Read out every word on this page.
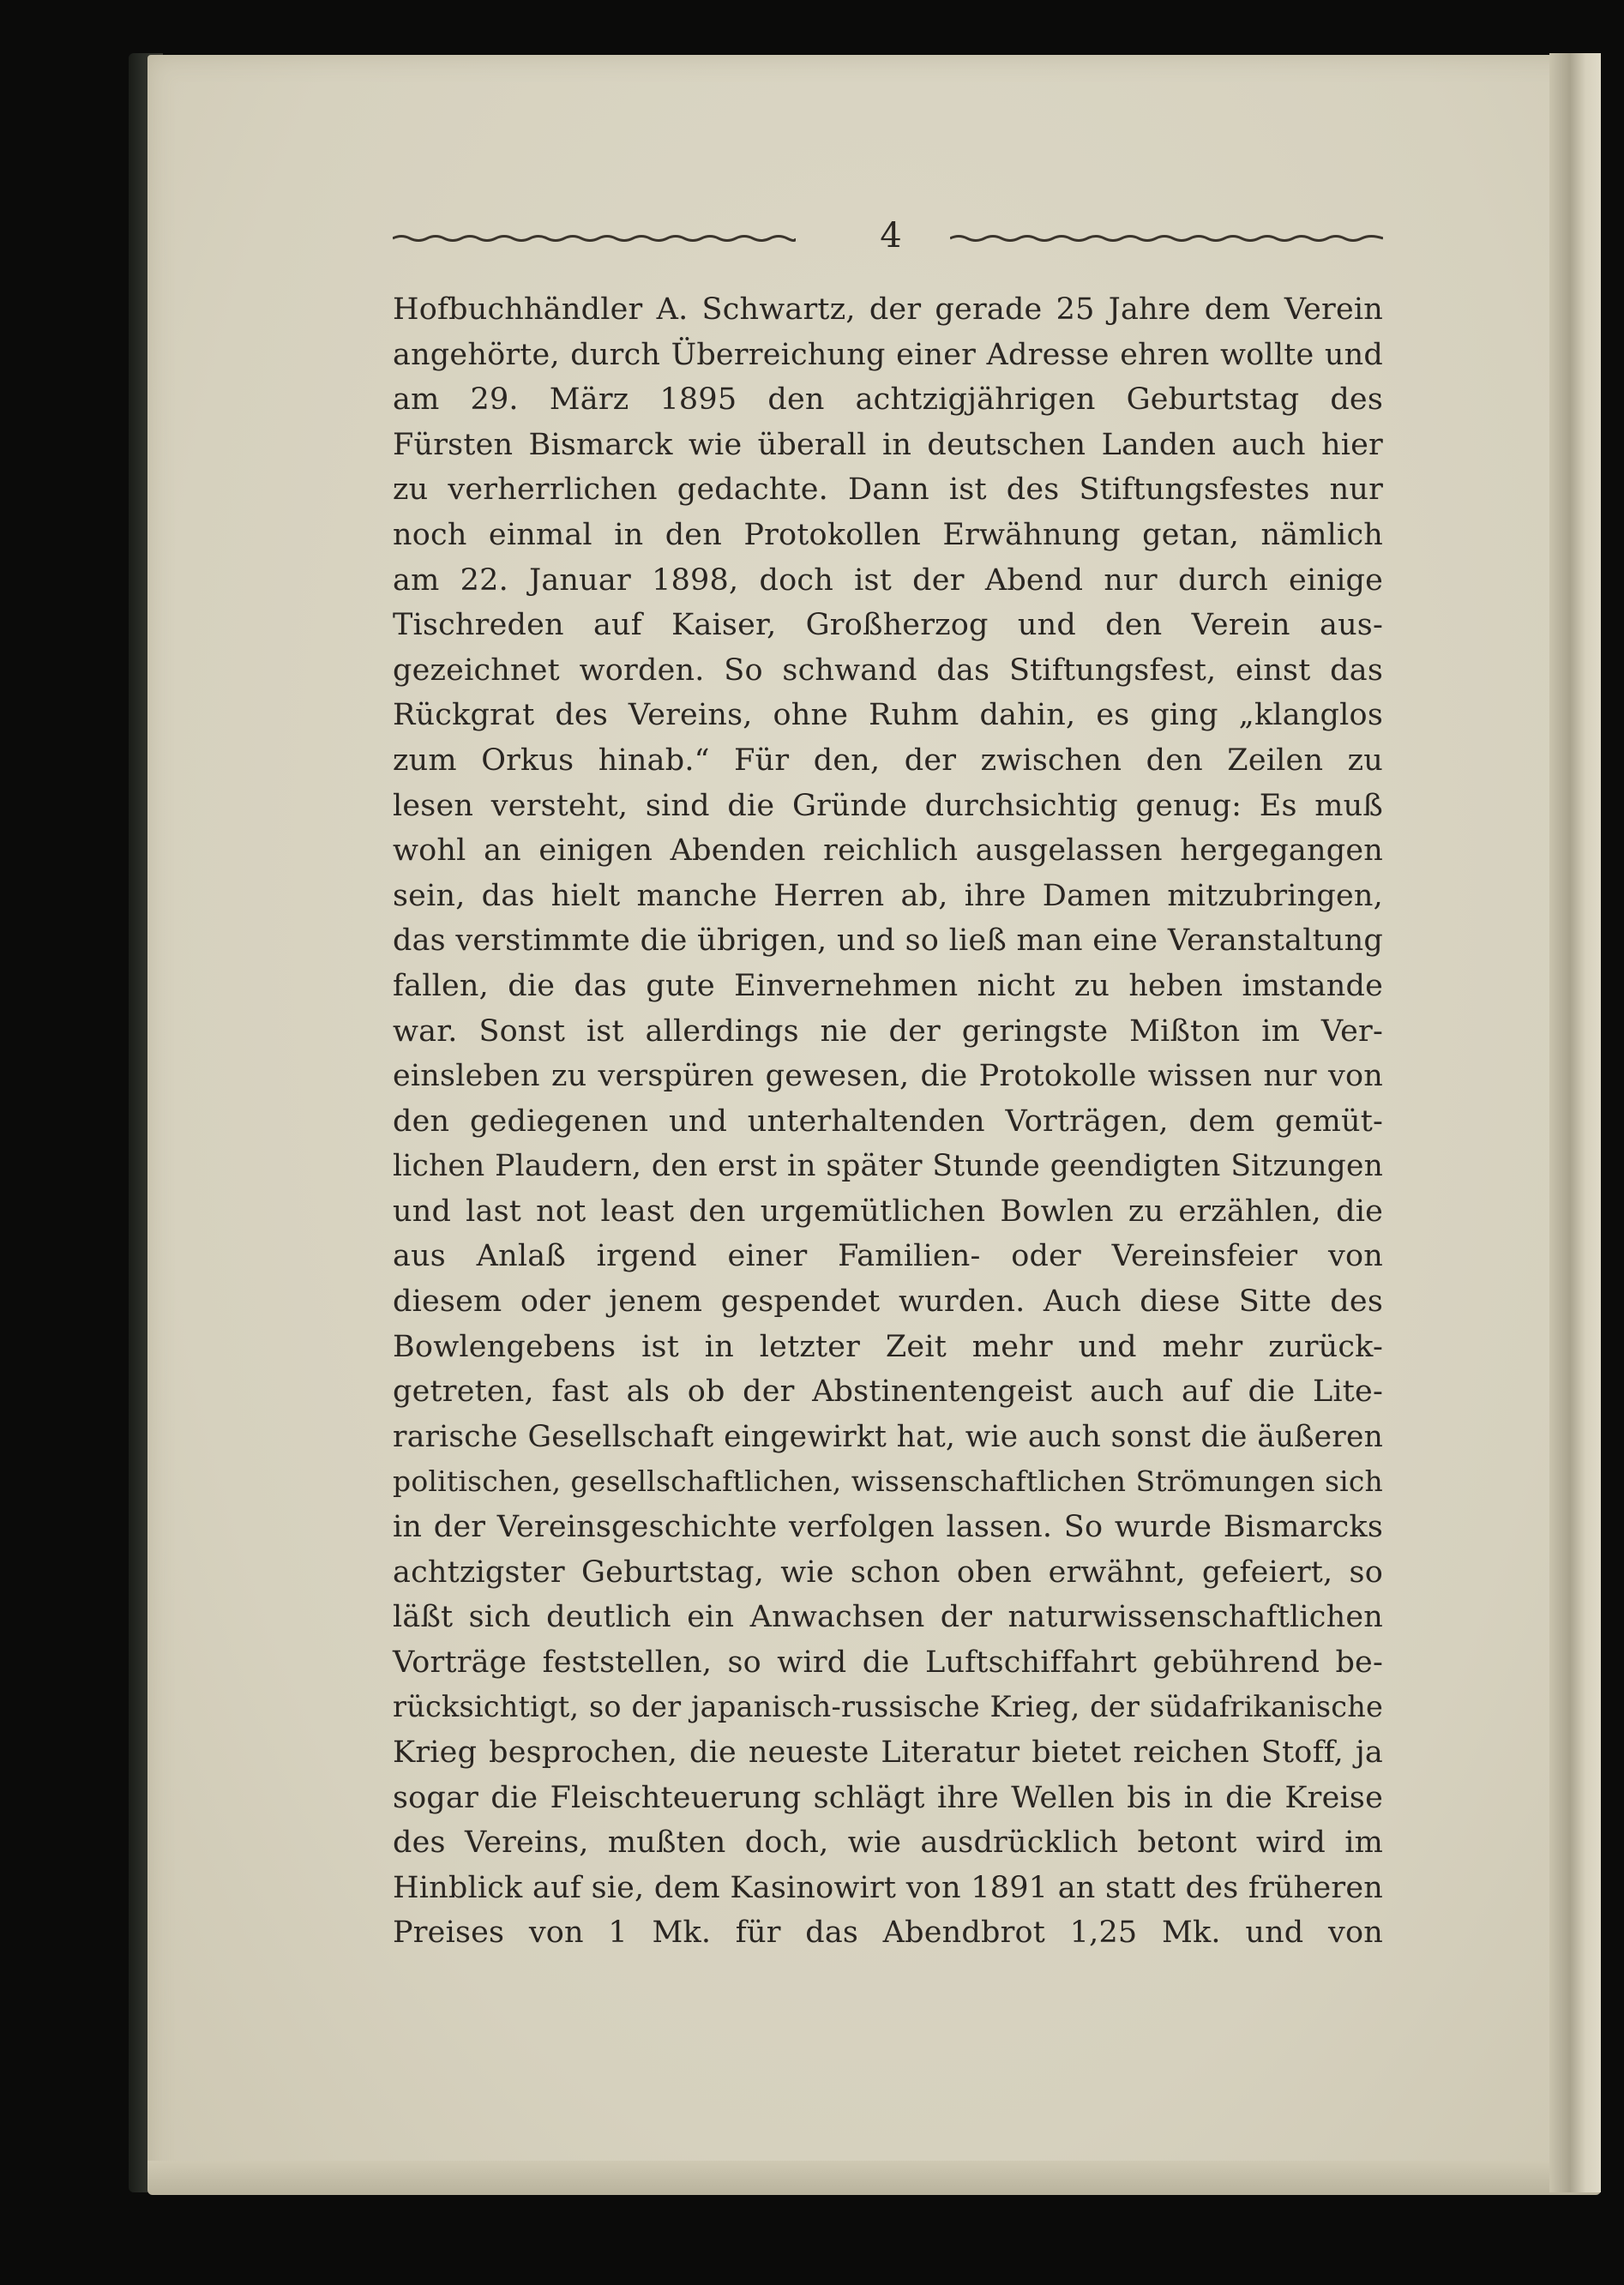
4
Hofbuchhändler A. Schwartz, der gerade 25 Jahre dem Verein
angehörte, durch Überreichung einer Adresse ehren wollte und
am 29. März 1895 den achtzigjährigen Geburtstag des
Fürsten Bismarck wie überall in deutschen Landen auch hier
zu verherrlichen gedachte. Dann ist des Stiftungsfestes nur
noch einmal in den Protokollen Erwähnung getan, nämlich
am 22. Januar 1898, doch ist der Abend nur durch einige
Tischreden auf Kaiser, Großherzog und den Verein aus-
gezeichnet worden. So schwand das Stiftungsfest, einst das
Rückgrat des Vereins, ohne Ruhm dahin, es ging „klanglos
zum Orkus hinab.“ Für den, der zwischen den Zeilen zu
lesen versteht, sind die Gründe durchsichtig genug: Es muß
wohl an einigen Abenden reichlich ausgelassen hergegangen
sein, das hielt manche Herren ab, ihre Damen mitzubringen,
das verstimmte die übrigen, und so ließ man eine Veranstaltung
fallen, die das gute Einvernehmen nicht zu heben imstande
war. Sonst ist allerdings nie der geringste Mißton im Ver-
einsleben zu verspüren gewesen, die Protokolle wissen nur von
den gediegenen und unterhaltenden Vorträgen, dem gemüt-
lichen Plaudern, den erst in später Stunde geendigten Sitzungen
und last not least den urgemütlichen Bowlen zu erzählen, die
aus Anlaß irgend einer Familien- oder Vereinsfeier von
diesem oder jenem gespendet wurden. Auch diese Sitte des
Bowlengebens ist in letzter Zeit mehr und mehr zurück-
getreten, fast als ob der Abstinentengeist auch auf die Lite-
rarische Gesellschaft eingewirkt hat, wie auch sonst die äußeren
politischen, gesellschaftlichen, wissenschaftlichen Strömungen sich
in der Vereinsgeschichte verfolgen lassen. So wurde Bismarcks
achtzigster Geburtstag, wie schon oben erwähnt, gefeiert, so
läßt sich deutlich ein Anwachsen der naturwissenschaftlichen
Vorträge feststellen, so wird die Luftschiffahrt gebührend be-
rücksichtigt, so der japanisch-russische Krieg, der südafrikanische
Krieg besprochen, die neueste Literatur bietet reichen Stoff, ja
sogar die Fleischteuerung schlägt ihre Wellen bis in die Kreise
des Vereins, mußten doch, wie ausdrücklich betont wird im
Hinblick auf sie, dem Kasinowirt von 1891 an statt des früheren
Preises von 1 Mk. für das Abendbrot 1,25 Mk. und von
